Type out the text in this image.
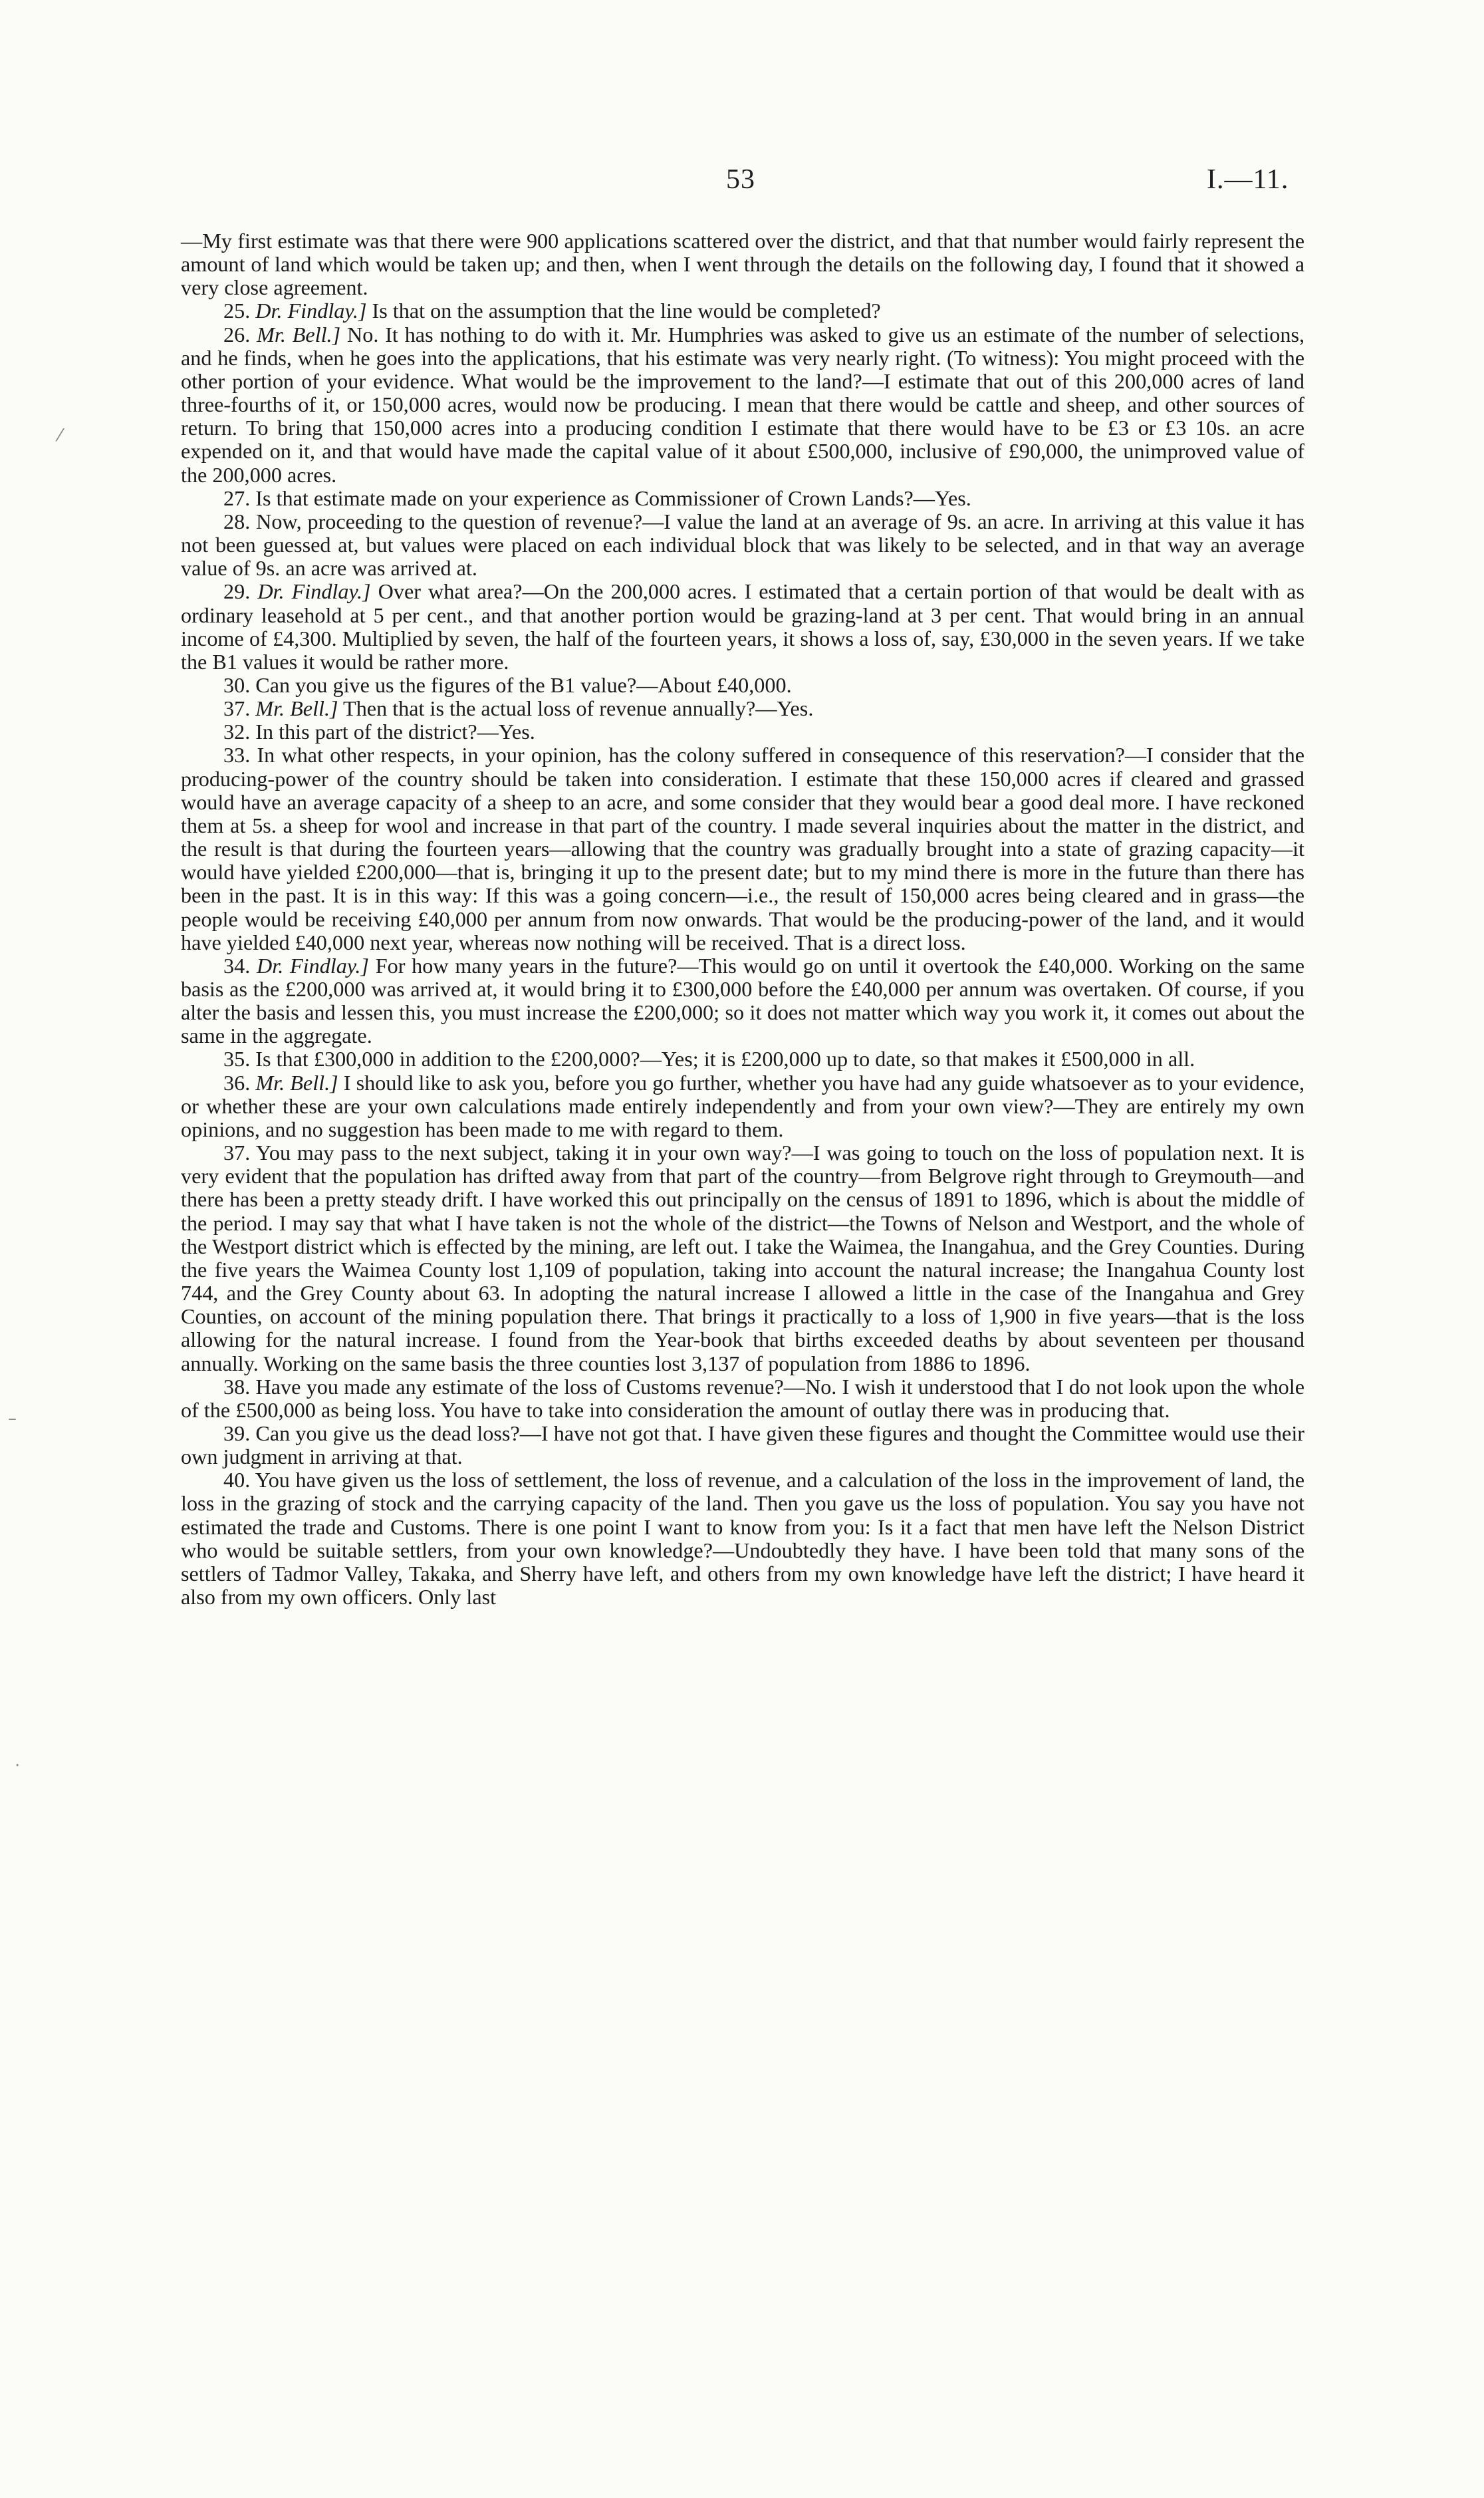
53	I.—11.
⁄
–
·

—My first estimate was that there were 900 applications scattered over the district, and that that number would fairly represent the amount of land which would be taken up; and then, when I went through the details on the following day, I found that it showed a very close agreement.

25. Dr. Findlay.] Is that on the assumption that the line would be completed?

26. Mr. Bell.] No. It has nothing to do with it. Mr. Humphries was asked to give us an estimate of the number of selections, and he finds, when he goes into the applications, that his estimate was very nearly right. (To witness): You might proceed with the other portion of your evidence. What would be the improvement to the land?—I estimate that out of this 200,000 acres of land three-fourths of it, or 150,000 acres, would now be producing. I mean that there would be cattle and sheep, and other sources of return. To bring that 150,000 acres into a producing condition I estimate that there would have to be £3 or £3 10s. an acre expended on it, and that would have made the capital value of it about £500,000, inclusive of £90,000, the unimproved value of the 200,000 acres.

27. Is that estimate made on your experience as Commissioner of Crown Lands?—Yes.

28. Now, proceeding to the question of revenue?—I value the land at an average of 9s. an acre. In arriving at this value it has not been guessed at, but values were placed on each individual block that was likely to be selected, and in that way an average value of 9s. an acre was arrived at.

29. Dr. Findlay.] Over what area?—On the 200,000 acres. I estimated that a certain portion of that would be dealt with as ordinary leasehold at 5 per cent., and that another portion would be grazing-land at 3 per cent. That would bring in an annual income of £4,300. Multiplied by seven, the half of the fourteen years, it shows a loss of, say, £30,000 in the seven years. If we take the B1 values it would be rather more.

30. Can you give us the figures of the B1 value?—About £40,000.

37. Mr. Bell.] Then that is the actual loss of revenue annually?—Yes.

32. In this part of the district?—Yes.

33. In what other respects, in your opinion, has the colony suffered in consequence of this reservation?—I consider that the producing-power of the country should be taken into consideration. I estimate that these 150,000 acres if cleared and grassed would have an average capacity of a sheep to an acre, and some consider that they would bear a good deal more. I have reckoned them at 5s. a sheep for wool and increase in that part of the country. I made several inquiries about the matter in the district, and the result is that during the fourteen years—allowing that the country was gradually brought into a state of grazing capacity—it would have yielded £200,000—that is, bringing it up to the present date; but to my mind there is more in the future than there has been in the past. It is in this way: If this was a going concern—i.e., the result of 150,000 acres being cleared and in grass—the people would be receiving £40,000 per annum from now onwards. That would be the producing-power of the land, and it would have yielded £40,000 next year, whereas now nothing will be received. That is a direct loss.

34. Dr. Findlay.] For how many years in the future?—This would go on until it overtook the £40,000. Working on the same basis as the £200,000 was arrived at, it would bring it to £300,000 before the £40,000 per annum was overtaken. Of course, if you alter the basis and lessen this, you must increase the £200,000; so it does not matter which way you work it, it comes out about the same in the aggregate.

35. Is that £300,000 in addition to the £200,000?—Yes; it is £200,000 up to date, so that makes it £500,000 in all.

36. Mr. Bell.] I should like to ask you, before you go further, whether you have had any guide whatsoever as to your evidence, or whether these are your own calculations made entirely independently and from your own view?—They are entirely my own opinions, and no suggestion has been made to me with regard to them.

37. You may pass to the next subject, taking it in your own way?—I was going to touch on the loss of population next. It is very evident that the population has drifted away from that part of the country—from Belgrove right through to Greymouth—and there has been a pretty steady drift. I have worked this out principally on the census of 1891 to 1896, which is about the middle of the period. I may say that what I have taken is not the whole of the district—the Towns of Nelson and Westport, and the whole of the Westport district which is effected by the mining, are left out. I take the Waimea, the Inangahua, and the Grey Counties. During the five years the Waimea County lost 1,109 of population, taking into account the natural increase; the Inangahua County lost 744, and the Grey County about 63. In adopting the natural increase I allowed a little in the case of the Inangahua and Grey Counties, on account of the mining population there. That brings it practically to a loss of 1,900 in five years—that is the loss allowing for the natural increase. I found from the Year-book that births exceeded deaths by about seventeen per thousand annually. Working on the same basis the three counties lost 3,137 of population from 1886 to 1896.

38. Have you made any estimate of the loss of Customs revenue?—No. I wish it understood that I do not look upon the whole of the £500,000 as being loss. You have to take into consideration the amount of outlay there was in producing that.

39. Can you give us the dead loss?—I have not got that. I have given these figures and thought the Committee would use their own judgment in arriving at that.

40. You have given us the loss of settlement, the loss of revenue, and a calculation of the loss in the improvement of land, the loss in the grazing of stock and the carrying capacity of the land. Then you gave us the loss of population. You say you have not estimated the trade and Customs. There is one point I want to know from you: Is it a fact that men have left the Nelson District who would be suitable settlers, from your own knowledge?—Undoubtedly they have. I have been told that many sons of the settlers of Tadmor Valley, Takaka, and Sherry have left, and others from my own knowledge have left the district; I have heard it also from my own officers. Only last
